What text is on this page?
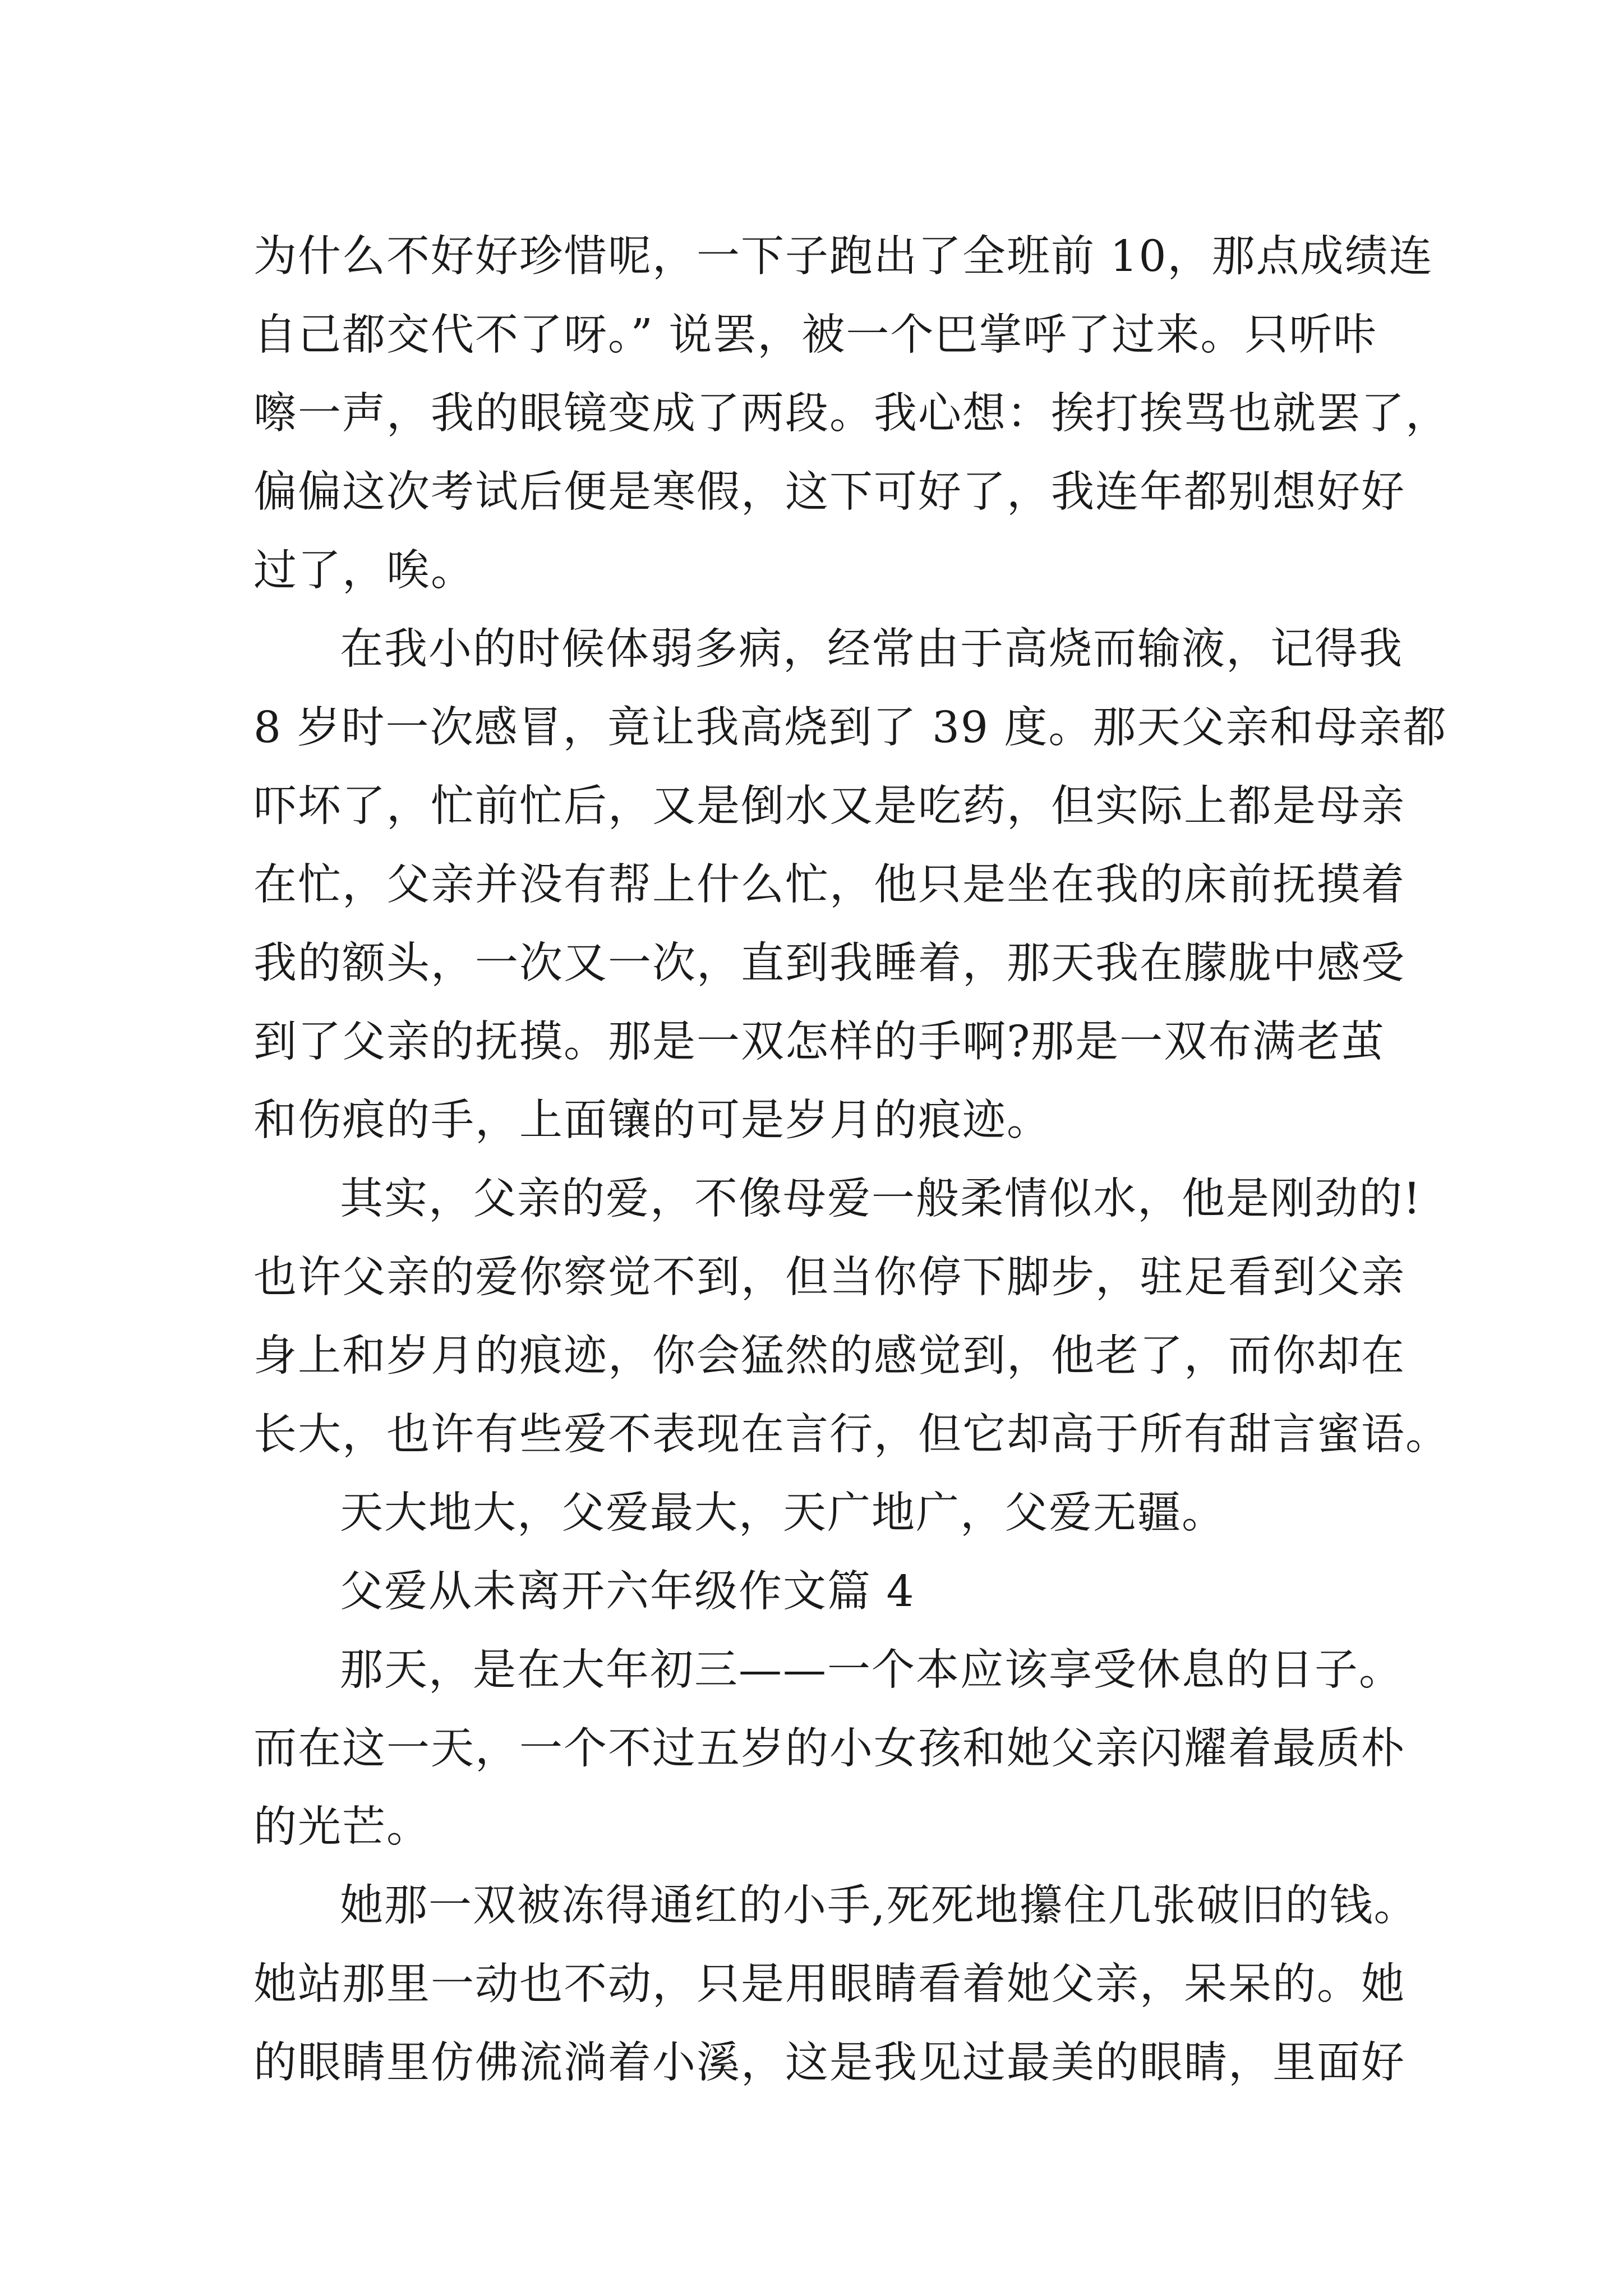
为什么不好好珍惜呢，一下子跑出了全班前 10，那点成绩连
自己都交代不了呀。” 说罢，被一个巴掌呼了过来。只听咔
嚓一声，我的眼镜变成了两段。我心想：挨打挨骂也就罢了，
偏偏这次考试后便是寒假，这下可好了，我连年都别想好好
过了，唉。
在我小的时候体弱多病，经常由于高烧而输液，记得我
8 岁时一次感冒，竟让我高烧到了 39 度。那天父亲和母亲都
吓坏了，忙前忙后，又是倒水又是吃药，但实际上都是母亲
在忙，父亲并没有帮上什么忙，他只是坐在我的床前抚摸着
我的额头，一次又一次，直到我睡着，那天我在朦胧中感受
到了父亲的抚摸。那是一双怎样的手啊?那是一双布满老茧
和伤痕的手，上面镶的可是岁月的痕迹。
其实，父亲的爱，不像母爱一般柔情似水，他是刚劲的!
也许父亲的爱你察觉不到，但当你停下脚步，驻足看到父亲
身上和岁月的痕迹，你会猛然的感觉到，他老了，而你却在
长大，也许有些爱不表现在言行，但它却高于所有甜言蜜语。
天大地大，父爱最大，天广地广，父爱无疆。
父爱从未离开六年级作文篇 4
那天，是在大年初三——一个本应该享受休息的日子。
而在这一天，一个不过五岁的小女孩和她父亲闪耀着最质朴
的光芒。
她那一双被冻得通红的小手,死死地攥住几张破旧的钱。
她站那里一动也不动，只是用眼睛看着她父亲，呆呆的。她
的眼睛里仿佛流淌着小溪，这是我见过最美的眼睛，里面好
